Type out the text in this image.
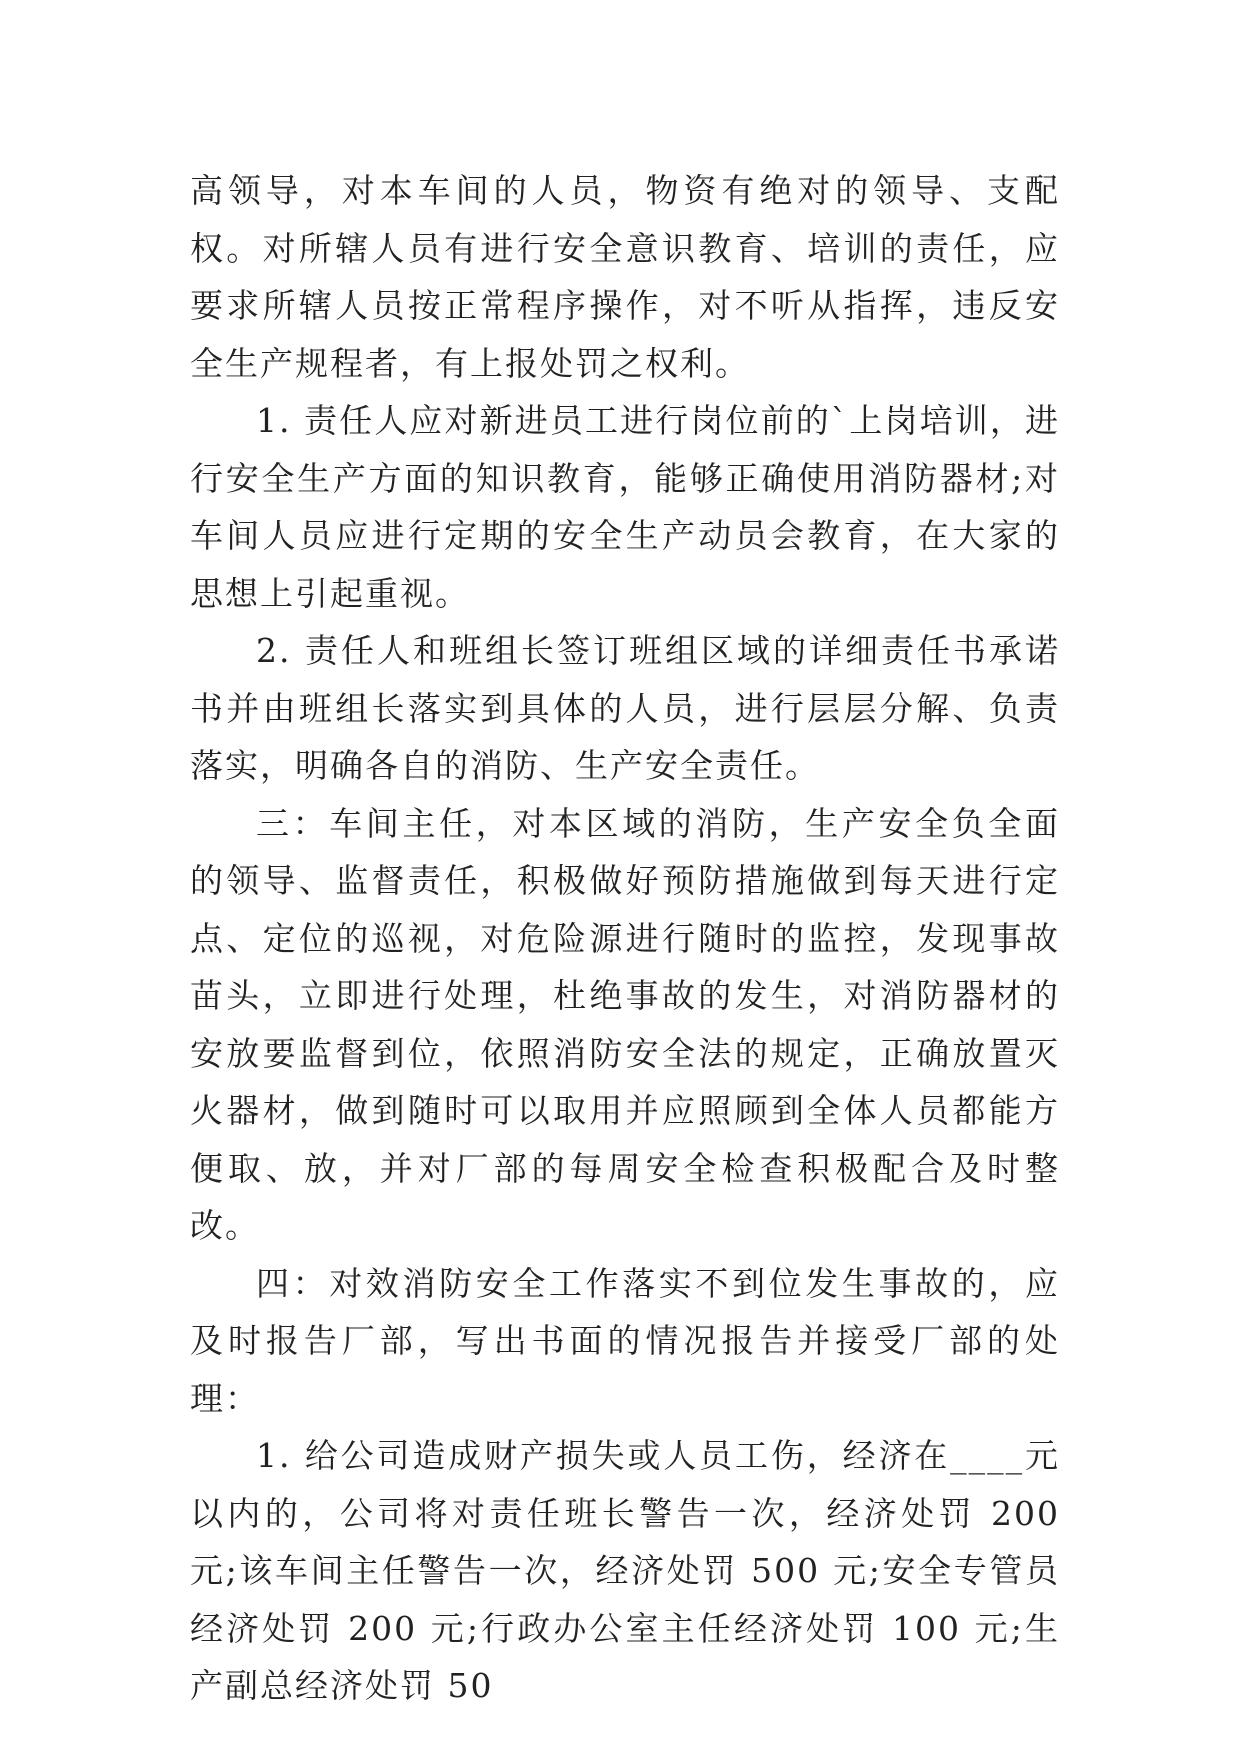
高领导，对本车间的人员，物资有绝对的领导、支配权。对所辖人员有进行安全意识教育、培训的责任，应要求所辖人员按正常程序操作，对不听从指挥，违反安全生产规程者，有上报处罚之权利。

1. 责任人应对新进员工进行岗位前的`上岗培训，进行安全生产方面的知识教育，能够正确使用消防器材;对车间人员应进行定期的安全生产动员会教育，在大家的思想上引起重视。

2. 责任人和班组长签订班组区域的详细责任书承诺书并由班组长落实到具体的人员，进行层层分解、负责落实，明确各自的消防、生产安全责任。

三：车间主任，对本区域的消防，生产安全负全面的领导、监督责任，积极做好预防措施做到每天进行定点、定位的巡视，对危险源进行随时的监控，发现事故苗头，立即进行处理，杜绝事故的发生，对消防器材的安放要监督到位，依照消防安全法的规定，正确放置灭火器材，做到随时可以取用并应照顾到全体人员都能方便取、放，并对厂部的每周安全检查积极配合及时整改。

四：对效消防安全工作落实不到位发生事故的，应及时报告厂部，写出书面的情况报告并接受厂部的处理：

1. 给公司造成财产损失或人员工伤，经济在____元以内的，公司将对责任班长警告一次，经济处罚 200 元;该车间主任警告一次，经济处罚 500 元;安全专管员经济处罚 200 元;行政办公室主任经济处罚 100 元;生产副总经济处罚 50
